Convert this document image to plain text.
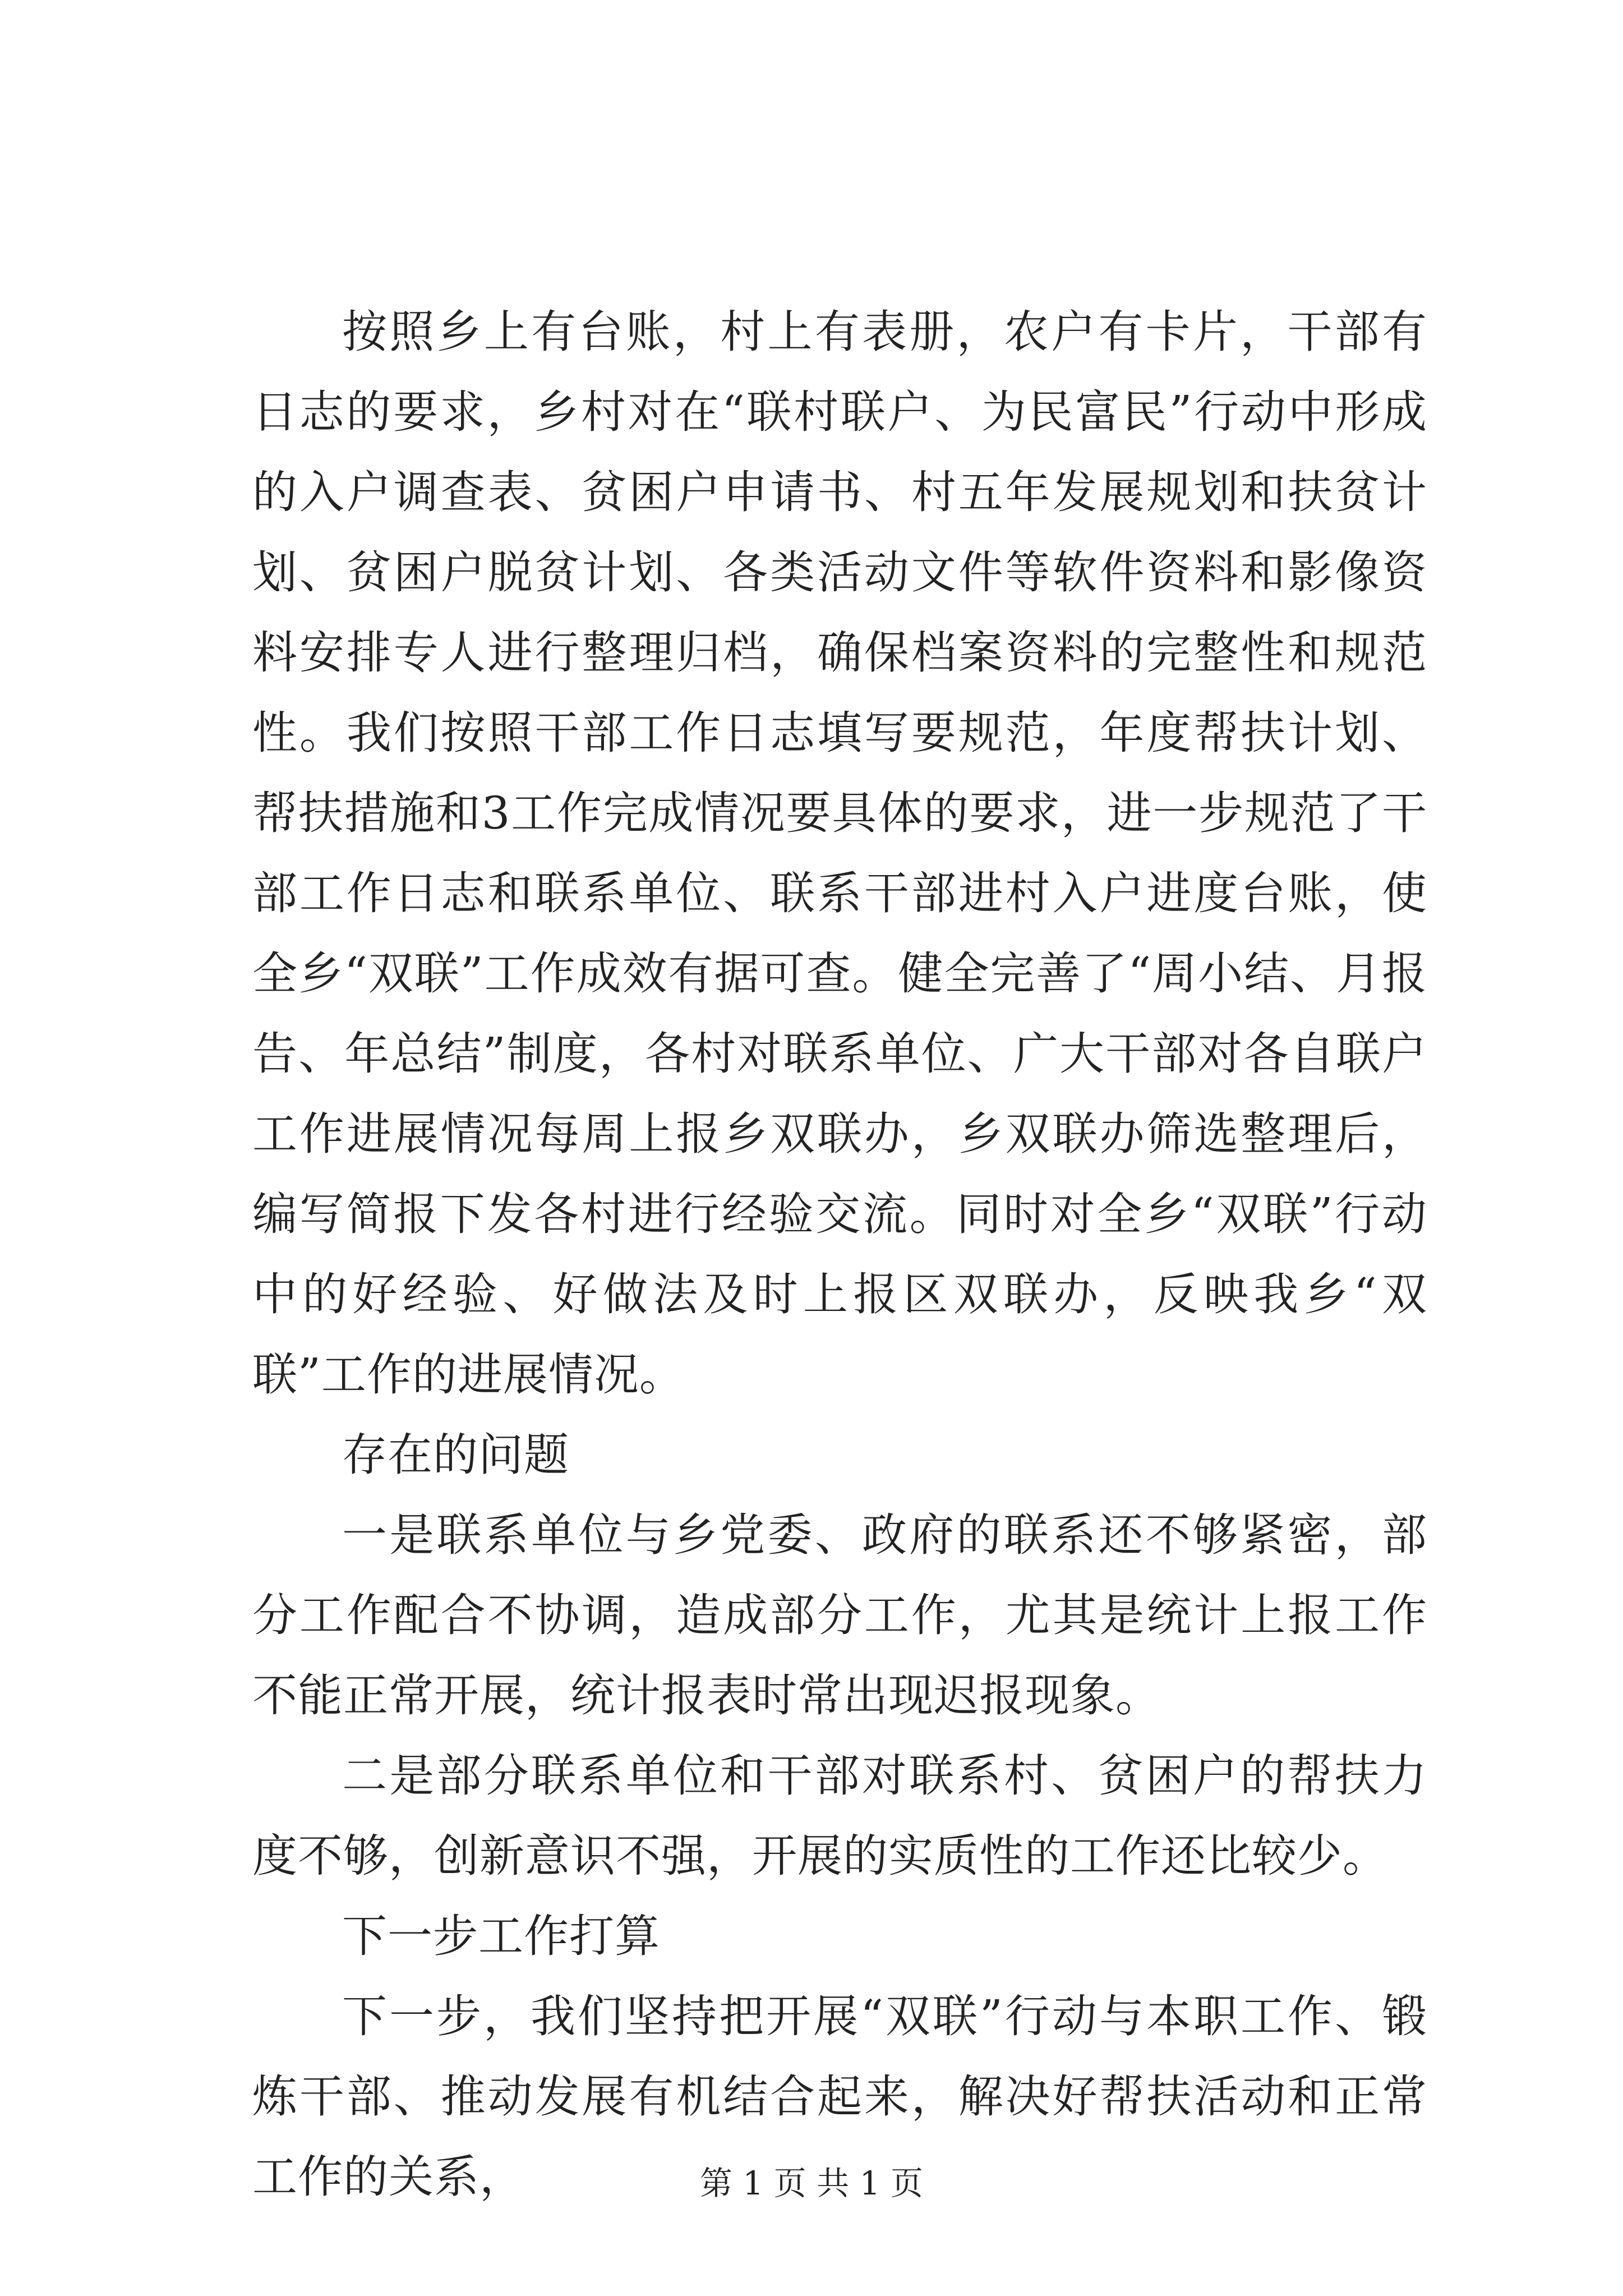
按照乡上有台账，村上有表册，农户有卡片，干部有日志的要求，乡村对在“联村联户、为民富民”行动中形成的入户调查表、贫困户申请书、村五年发展规划和扶贫计划、贫困户脱贫计划、各类活动文件等软件资料和影像资料安排专人进行整理归档，确保档案资料的完整性和规范性。我们按照干部工作日志填写要规范，年度帮扶计划、帮扶措施和3工作完成情况要具体的要求，进一步规范了干部工作日志和联系单位、联系干部进村入户进度台账，使全乡“双联”工作成效有据可查。健全完善了“周小结、月报告、年总结”制度，各村对联系单位、广大干部对各自联户工作进展情况每周上报乡双联办，乡双联办筛选整理后，编写简报下发各村进行经验交流。同时对全乡“双联”行动中的好经验、好做法及时上报区双联办，反映我乡“双联”工作的进展情况。

存在的问题

一是联系单位与乡党委、政府的联系还不够紧密，部分工作配合不协调，造成部分工作，尤其是统计上报工作不能正常开展，统计报表时常出现迟报现象。

二是部分联系单位和干部对联系村、贫困户的帮扶力度不够，创新意识不强，开展的实质性的工作还比较少。

下一步工作打算

下一步，我们坚持把开展“双联”行动与本职工作、锻炼干部、推动发展有机结合起来，解决好帮扶活动和正常工作的关系，	第 1 页 共 1 页
